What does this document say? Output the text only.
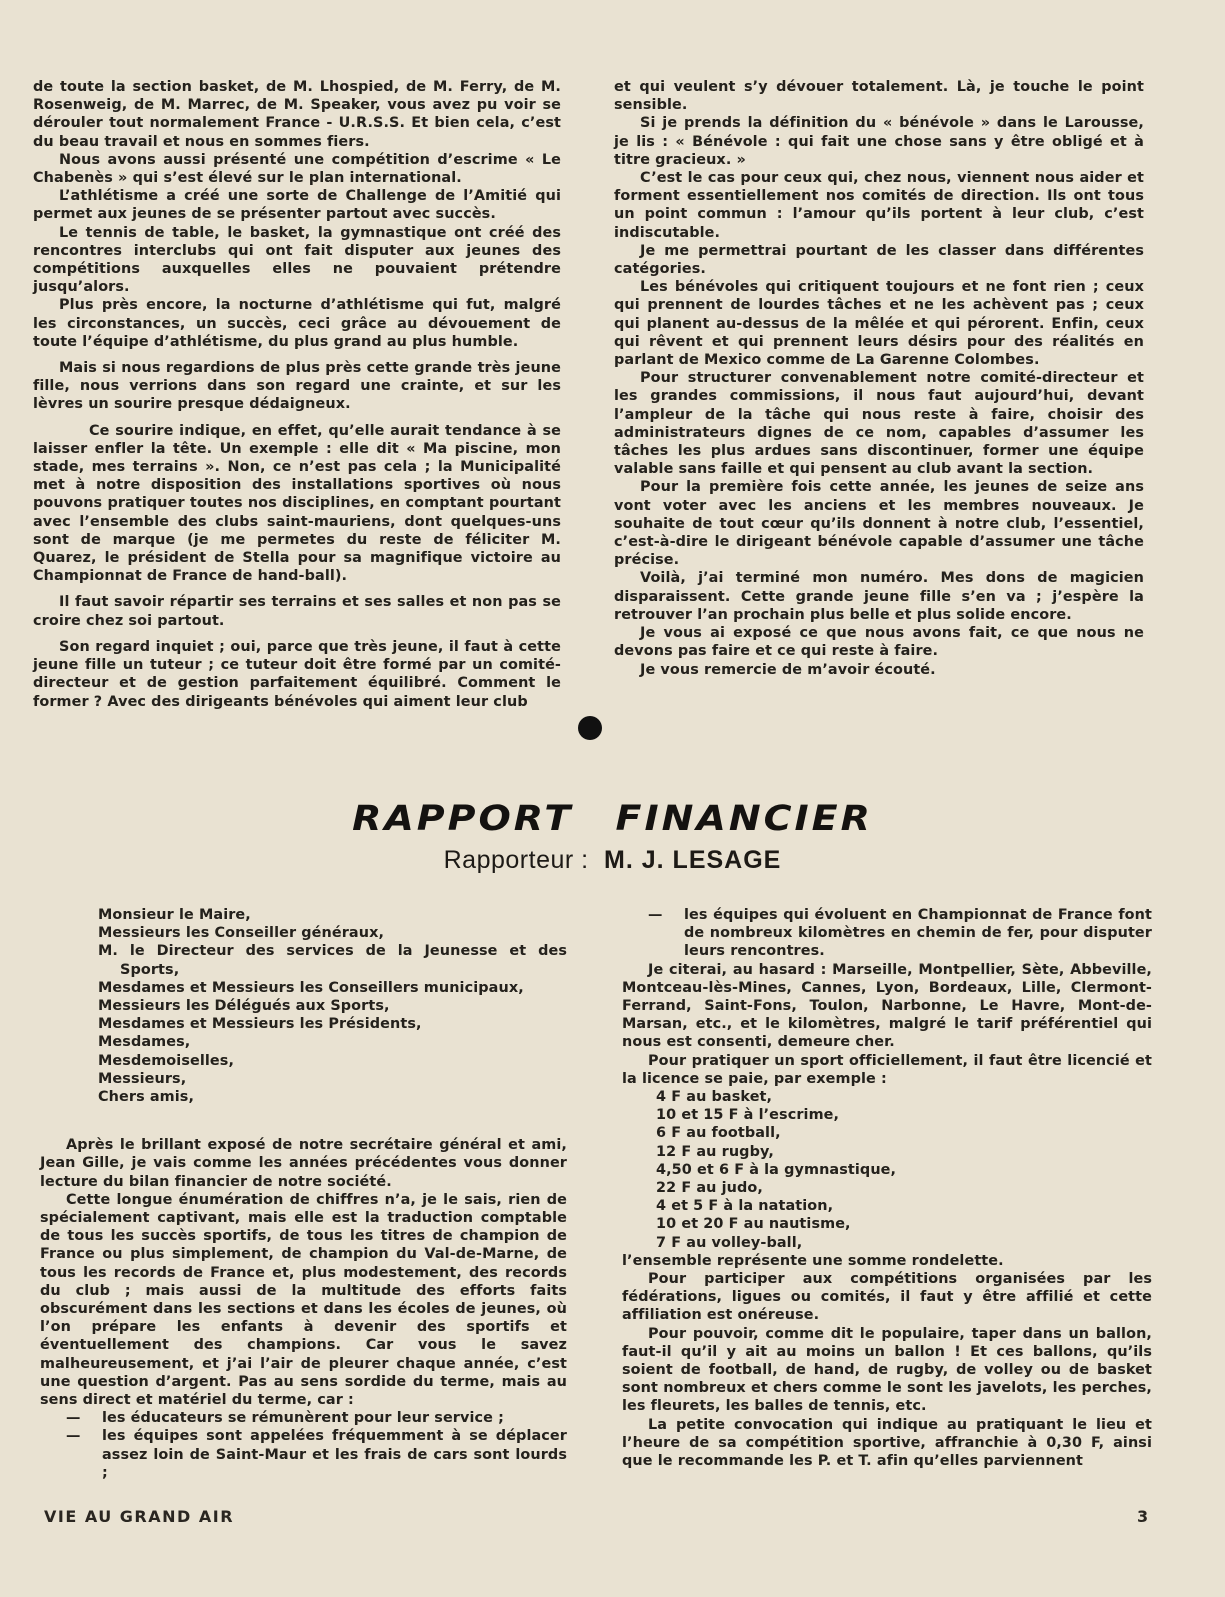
de toute la section basket, de M. Lhospied, de M. Ferry, de M. Rosenweig, de M. Marrec, de M. Speaker, vous avez pu voir se dérouler tout normalement France - U.R.S.S. Et bien cela, c’est du beau travail et nous en sommes fiers.

Nous avons aussi présenté une compétition d’escrime « Le Chabenès » qui s’est élevé sur le plan international.

L’athlétisme a créé une sorte de Challenge de l’Amitié qui permet aux jeunes de se présenter partout avec succès.

Le tennis de table, le basket, la gymnastique ont créé des rencontres interclubs qui ont fait disputer aux jeunes des compétitions auxquelles elles ne pouvaient prétendre jusqu’alors.

Plus près encore, la nocturne d’athlétisme qui fut, malgré les circonstances, un succès, ceci grâce au dévouement de toute l’équipe d’athlétisme, du plus grand au plus humble.

Mais si nous regardions de plus près cette grande très jeune fille, nous verrions dans son regard une crainte, et sur les lèvres un sourire presque dédaigneux.

Ce sourire indique, en effet, qu’elle aurait tendance à se laisser enfler la tête. Un exemple : elle dit « Ma piscine, mon stade, mes terrains ». Non, ce n’est pas cela ; la Municipalité met à notre disposition des installations sportives où nous pouvons pratiquer toutes nos disciplines, en comptant pourtant avec l’ensemble des clubs saint-mauriens, dont quelques-uns sont de marque (je me permetes du reste de féliciter M. Quarez, le président de Stella pour sa magnifique victoire au Championnat de France de hand-ball).

Il faut savoir répartir ses terrains et ses salles et non pas se croire chez soi partout.

Son regard inquiet ; oui, parce que très jeune, il faut à cette jeune fille un tuteur ; ce tuteur doit être formé par un comité-directeur et de gestion parfaitement équilibré. Comment le former ? Avec des dirigeants bénévoles qui aiment leur club

et qui veulent s’y dévouer totalement. Là, je touche le point sensible.

Si je prends la définition du « bénévole » dans le Larousse, je lis : « Bénévole : qui fait une chose sans y être obligé et à titre gracieux. »

C’est le cas pour ceux qui, chez nous, viennent nous aider et forment essentiellement nos comités de direction. Ils ont tous un point commun : l’amour qu’ils portent à leur club, c’est indiscutable.

Je me permettrai pourtant de les classer dans différentes catégories.

Les bénévoles qui critiquent toujours et ne font rien ; ceux qui prennent de lourdes tâches et ne les achèvent pas ; ceux qui planent au-dessus de la mêlée et qui pérorent. Enfin, ceux qui rêvent et qui prennent leurs désirs pour des réalités en parlant de Mexico comme de La Garenne Colombes.

Pour structurer convenablement notre comité-directeur et les grandes commissions, il nous faut aujourd’hui, devant l’ampleur de la tâche qui nous reste à faire, choisir des administrateurs dignes de ce nom, capables d’assumer les tâches les plus ardues sans discontinuer, former une équipe valable sans faille et qui pensent au club avant la section.

Pour la première fois cette année, les jeunes de seize ans vont voter avec les anciens et les membres nouveaux. Je souhaite de tout cœur qu’ils donnent à notre club, l’essentiel, c’est-à-dire le dirigeant bénévole capable d’assumer une tâche précise.

Voilà, j’ai terminé mon numéro. Mes dons de magicien disparaissent. Cette grande jeune fille s’en va ; j’espère la retrouver l’an prochain plus belle et plus solide encore.

Je vous ai exposé ce que nous avons fait, ce que nous ne devons pas faire et ce qui reste à faire.

Je vous remercie de m’avoir écouté.

RAPPORT FINANCIER
Rapporteur : M. J. LESAGE
Monsieur le Maire,
Messieurs les Conseiller généraux,
M. le Directeur des services de la Jeunesse et des Sports,
Mesdames et Messieurs les Conseillers municipaux,
Messieurs les Délégués aux Sports,
Mesdames et Messieurs les Présidents,
Mesdames,
Mesdemoiselles,
Messieurs,
Chers amis,

Après le brillant exposé de notre secrétaire général et ami, Jean Gille, je vais comme les années précédentes vous donner lecture du bilan financier de notre société.

Cette longue énumération de chiffres n’a, je le sais, rien de spécialement captivant, mais elle est la traduction comptable de tous les succès sportifs, de tous les titres de champion de France ou plus simplement, de champion du Val-de-Marne, de tous les records de France et, plus modestement, des records du club ; mais aussi de la multitude des efforts faits obscurément dans les sections et dans les écoles de jeunes, où l’on prépare les enfants à devenir des sportifs et éventuellement des champions. Car vous le savez malheureusement, et j’ai l’air de pleurer chaque année, c’est une question d’argent. Pas au sens sordide du terme, mais au sens direct et matériel du terme, car :

—	les éducateurs se rémunèrent pour leur service ;
—	les équipes sont appelées fréquemment à se déplacer assez loin de Saint-Maur et les frais de cars sont lourds ;
—	les équipes qui évoluent en Championnat de France font de nombreux kilomètres en chemin de fer, pour disputer leurs rencontres.

Je citerai, au hasard : Marseille, Montpellier, Sète, Abbeville, Montceau-lès-Mines, Cannes, Lyon, Bordeaux, Lille, Clermont-Ferrand, Saint-Fons, Toulon, Narbonne, Le Havre, Mont-de-Marsan, etc., et le kilomètres, malgré le tarif préférentiel qui nous est consenti, demeure cher.

Pour pratiquer un sport officiellement, il faut être licencié et la licence se paie, par exemple :

4 F au basket,
10 et 15 F à l’escrime,
6 F au football,
12 F au rugby,
4,50 et 6 F à la gymnastique,
22 F au judo,
4 et 5 F à la natation,
10 et 20 F au nautisme,
7 F au volley-ball,

l’ensemble représente une somme rondelette.

Pour participer aux compétitions organisées par les fédérations, ligues ou comités, il faut y être affilié et cette affiliation est onéreuse.

Pour pouvoir, comme dit le populaire, taper dans un ballon, faut-il qu’il y ait au moins un ballon ! Et ces ballons, qu’ils soient de football, de hand, de rugby, de volley ou de basket sont nombreux et chers comme le sont les javelots, les perches, les fleurets, les balles de tennis, etc.

La petite convocation qui indique au pratiquant le lieu et l’heure de sa compétition sportive, affranchie à 0,30 F, ainsi que le recommande les P. et T. afin qu’elles parviennent

VIE AU GRAND AIR	3
